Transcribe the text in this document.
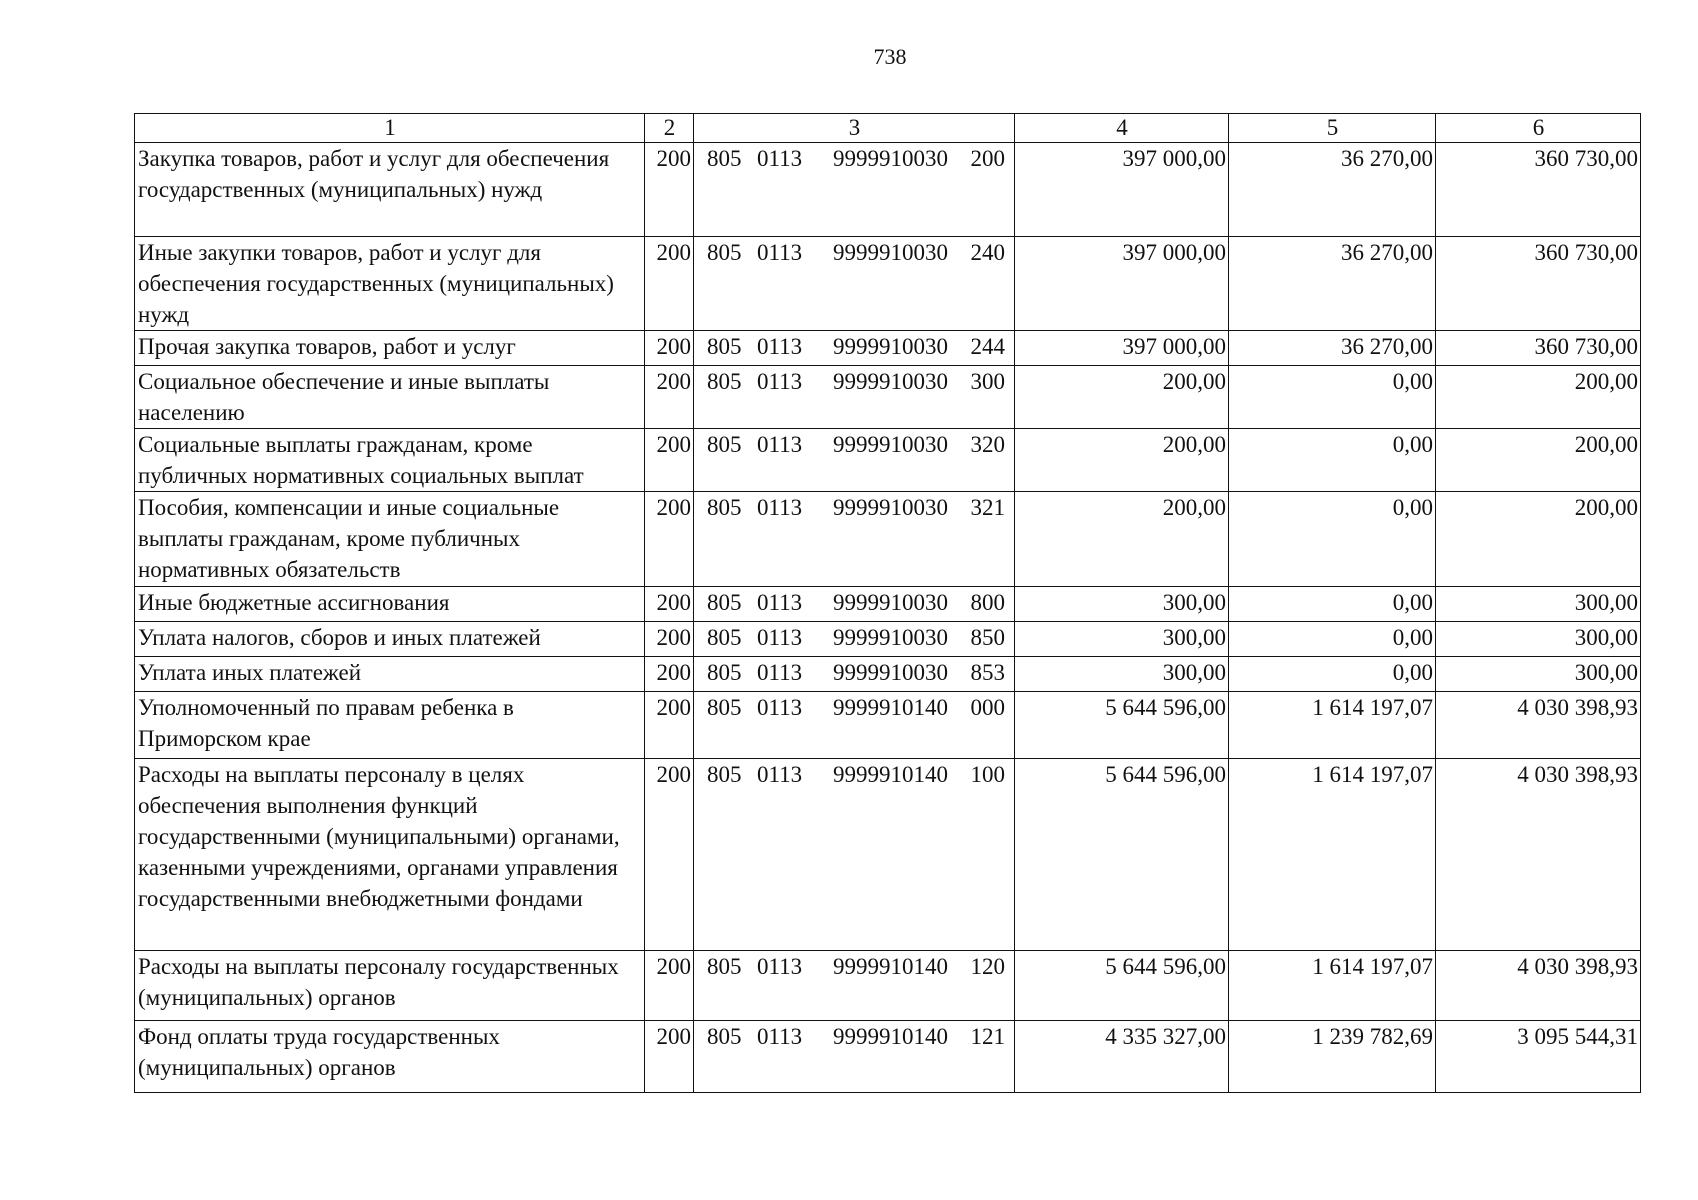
738
1	2	3	4	5	6
Закупка товаров, работ и услуг для обеспечения государственных (муниципальных) нужд	200	805 0113 9999910030 200	397 000,00	36 270,00	360 730,00
Иные закупки товаров, работ и услуг для обеспечения государственных (муниципальных) нужд	200	805 0113 9999910030 240	397 000,00	36 270,00	360 730,00
Прочая закупка товаров, работ и услуг	200	805 0113 9999910030 244	397 000,00	36 270,00	360 730,00
Социальное обеспечение и иные выплаты населению	200	805 0113 9999910030 300	200,00	0,00	200,00
Социальные выплаты гражданам, кроме публичных нормативных социальных выплат	200	805 0113 9999910030 320	200,00	0,00	200,00
Пособия, компенсации и иные социальные выплаты гражданам, кроме публичных нормативных обязательств	200	805 0113 9999910030 321	200,00	0,00	200,00
Иные бюджетные ассигнования	200	805 0113 9999910030 800	300,00	0,00	300,00
Уплата налогов, сборов и иных платежей	200	805 0113 9999910030 850	300,00	0,00	300,00
Уплата иных платежей	200	805 0113 9999910030 853	300,00	0,00	300,00
Уполномоченный по правам ребенка в Приморском крае	200	805 0113 9999910140 000	5 644 596,00	1 614 197,07	4 030 398,93
Расходы на выплаты персоналу в целях обеспечения выполнения функций государственными (муниципальными) органами, казенными учреждениями, органами управления государственными внебюджетными фондами	200	805 0113 9999910140 100	5 644 596,00	1 614 197,07	4 030 398,93
Расходы на выплаты персоналу государственных (муниципальных) органов	200	805 0113 9999910140 120	5 644 596,00	1 614 197,07	4 030 398,93
Фонд оплаты труда государственных (муниципальных) органов	200	805 0113 9999910140 121	4 335 327,00	1 239 782,69	3 095 544,31
